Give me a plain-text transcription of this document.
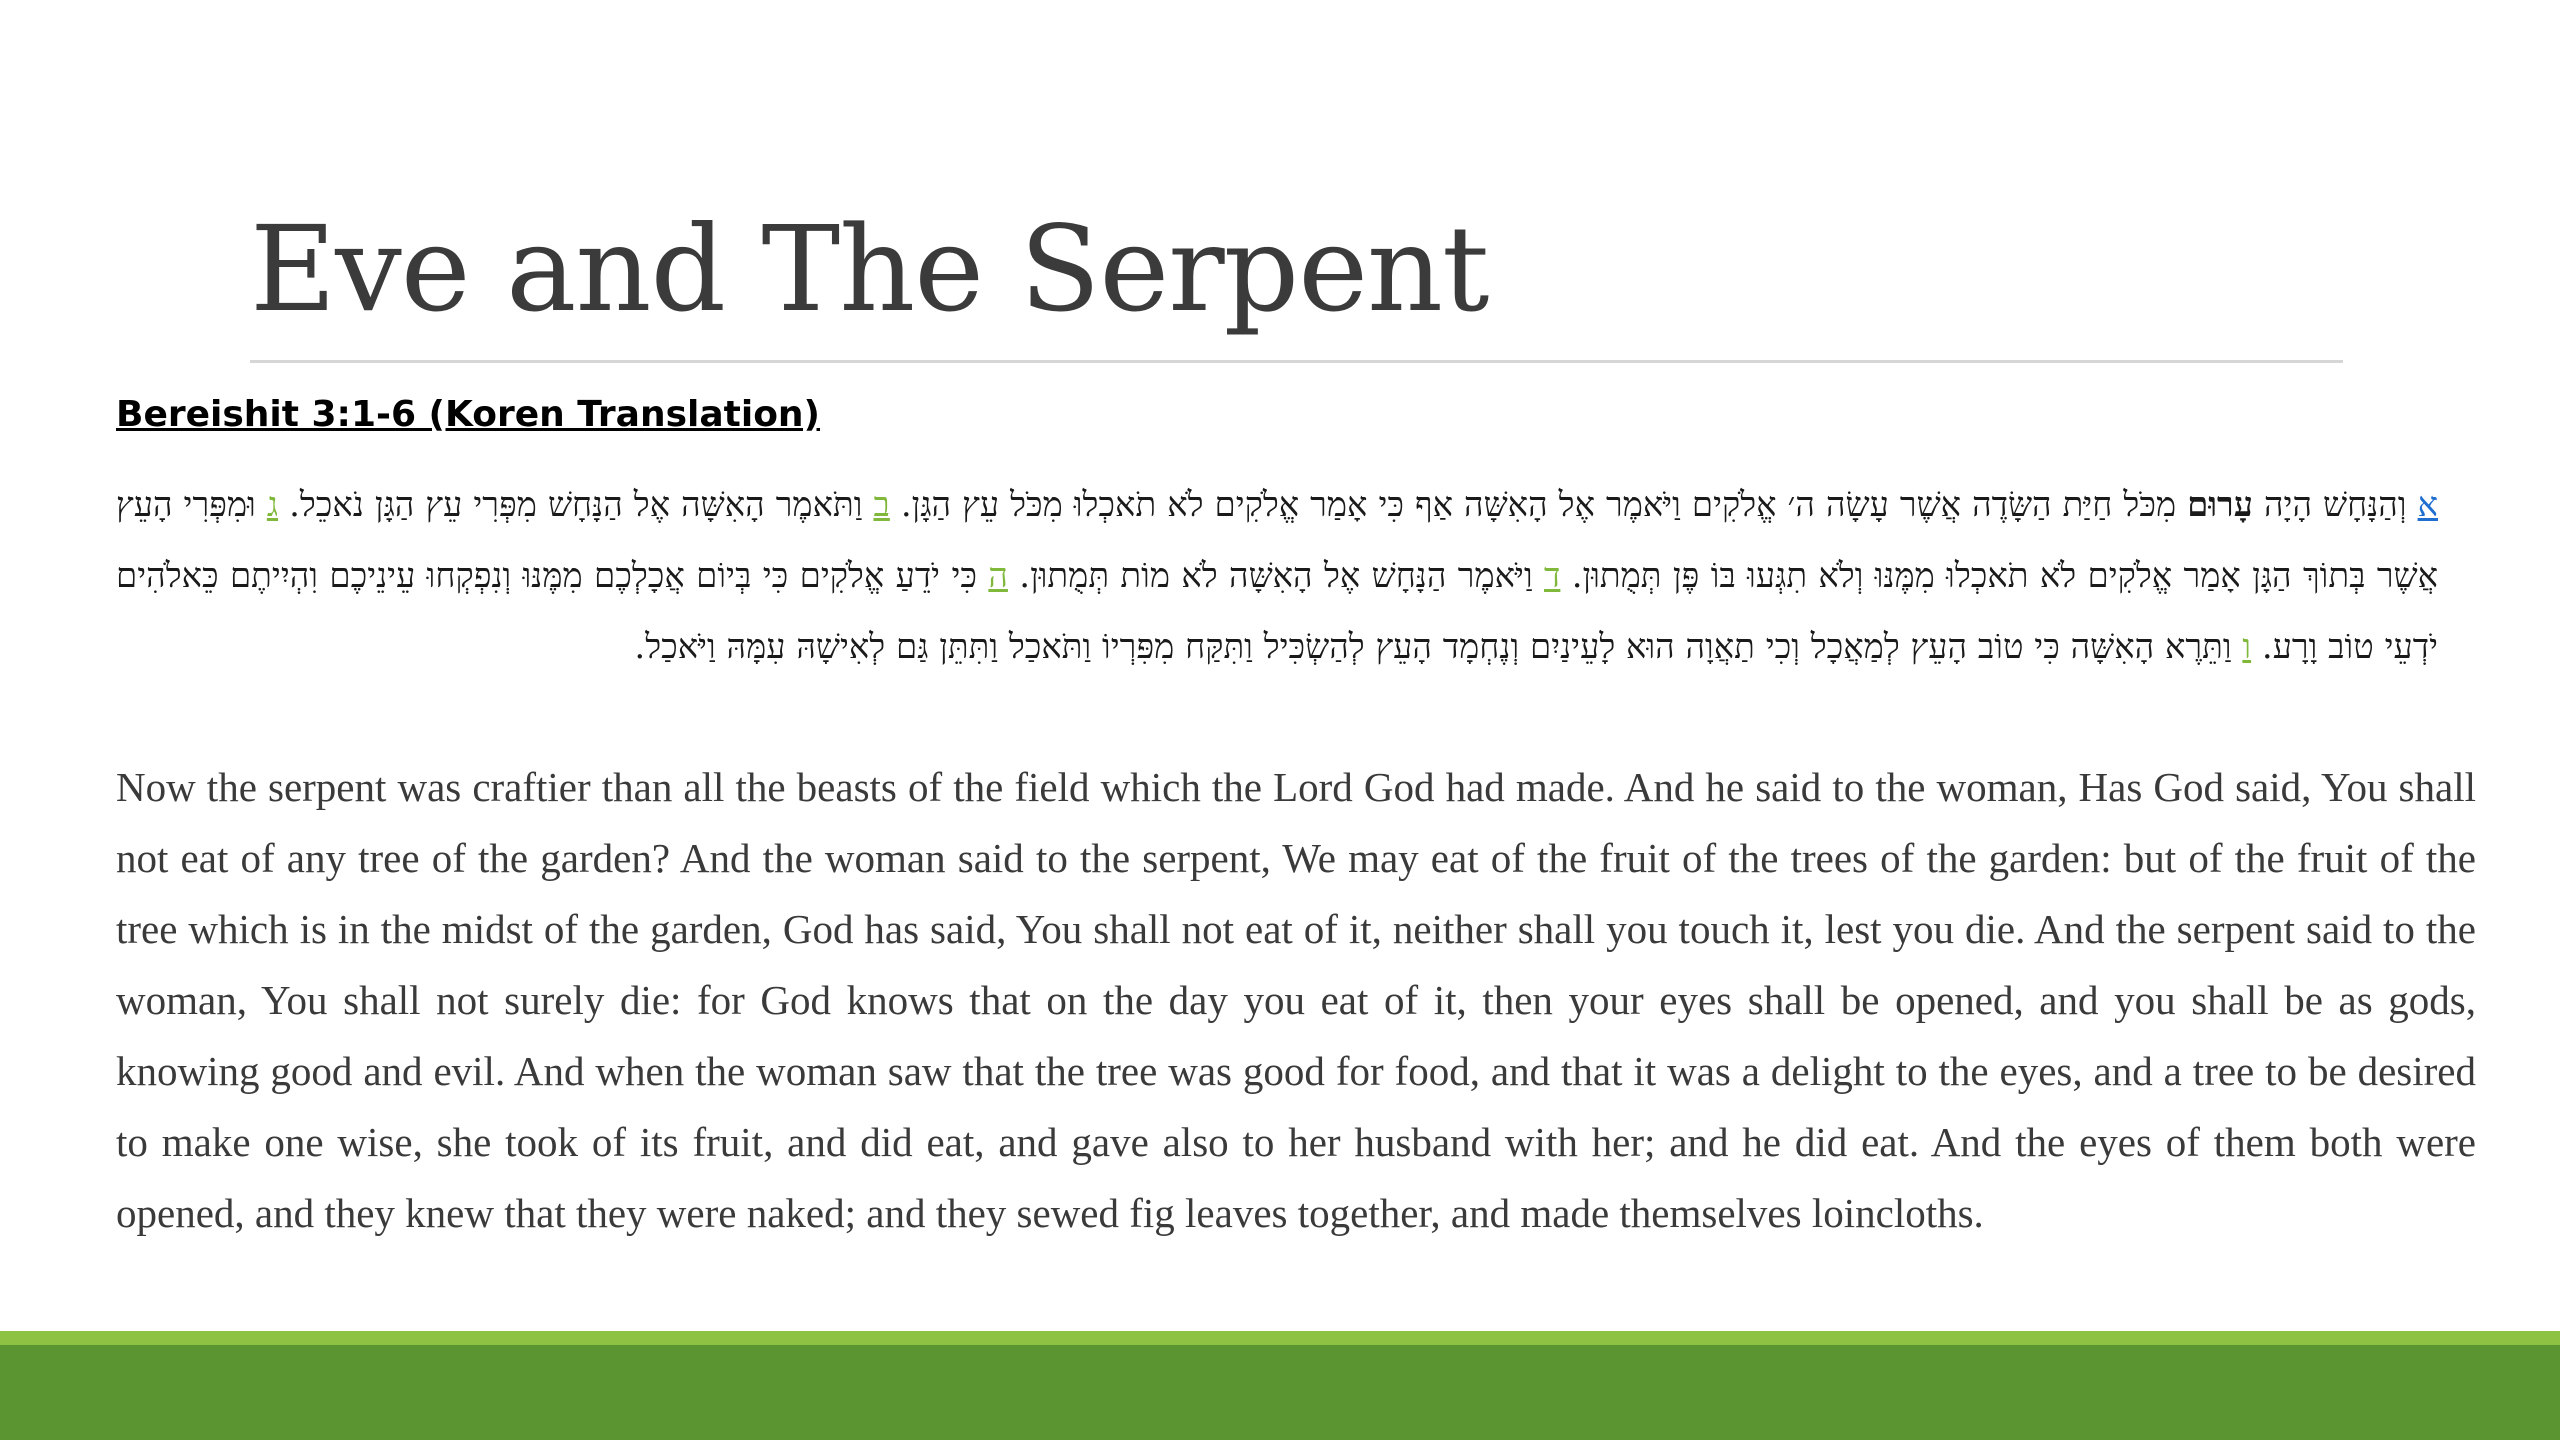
Eve and The Serpent

Bereishit 3:1-6 (Koren Translation)

א וְהַנָּחָשׁ הָיָה עָרוּם מִכֹּל חַיַּת הַשָּׂדֶה אֲשֶׁר עָשָׂה ה׳ אֱלֹקִים וַיֹּאמֶר אֶל הָאִשָּׁה אַף כִּי אָמַר אֱלֹקִים לֹא תֹאכְלוּ מִכֹּל עֵץ הַגָּן. ב וַתֹּאמֶר הָאִשָּׁה אֶל הַנָּחָשׁ מִפְּרִי עֵץ הַגָּן נֹאכֵל. ג וּמִפְּרִי הָעֵץ אֲשֶׁר בְּתוֹךְ הַגָּן אָמַר אֱלֹקִים לֹא תֹאכְלוּ מִמֶּנּוּ וְלֹא תִגְּעוּ בּוֹ פֶּן תְּמֻתוּן. ד וַיֹּאמֶר הַנָּחָשׁ אֶל הָאִשָּׁה לֹא מוֹת תְּמֻתוּן. ה כִּי יֹדֵעַ אֱלֹקִים כִּי בְּיוֹם אֲכָלְכֶם מִמֶּנּוּ וְנִפְקְחוּ עֵינֵיכֶם וִהְיִיתֶם כֵּאלֹהִים יֹדְעֵי טוֹב וָרָע. ו וַתֵּרֶא הָאִשָּׁה כִּי טוֹב הָעֵץ לְמַאֲכָל וְכִי תַאֲוָה הוּא לָעֵינַיִם וְנֶחְמָד הָעֵץ לְהַשְׂכִּיל וַתִּקַּח מִפִּרְיוֹ וַתֹּאכַל וַתִּתֵּן גַּם לְאִישָׁהּ עִמָּהּ וַיֹּאכַל.

Now the serpent was craftier than all the beasts of the field which the Lord God had made. And he said to the woman, Has God said, You shall not eat of any tree of the garden? And the woman said to the serpent, We may eat of the fruit of the trees of the garden: but of the fruit of the tree which is in the midst of the garden, God has said, You shall not eat of it, neither shall you touch it, lest you die. And the serpent said to the woman, You shall not surely die: for God knows that on the day you eat of it, then your eyes shall be opened, and you shall be as gods, knowing good and evil. And when the woman saw that the tree was good for food, and that it was a delight to the eyes, and a tree to be desired to make one wise, she took of its fruit, and did eat, and gave also to her husband with her; and he did eat. And the eyes of them both were opened, and they knew that they were naked; and they sewed fig leaves together, and made themselves loincloths.
